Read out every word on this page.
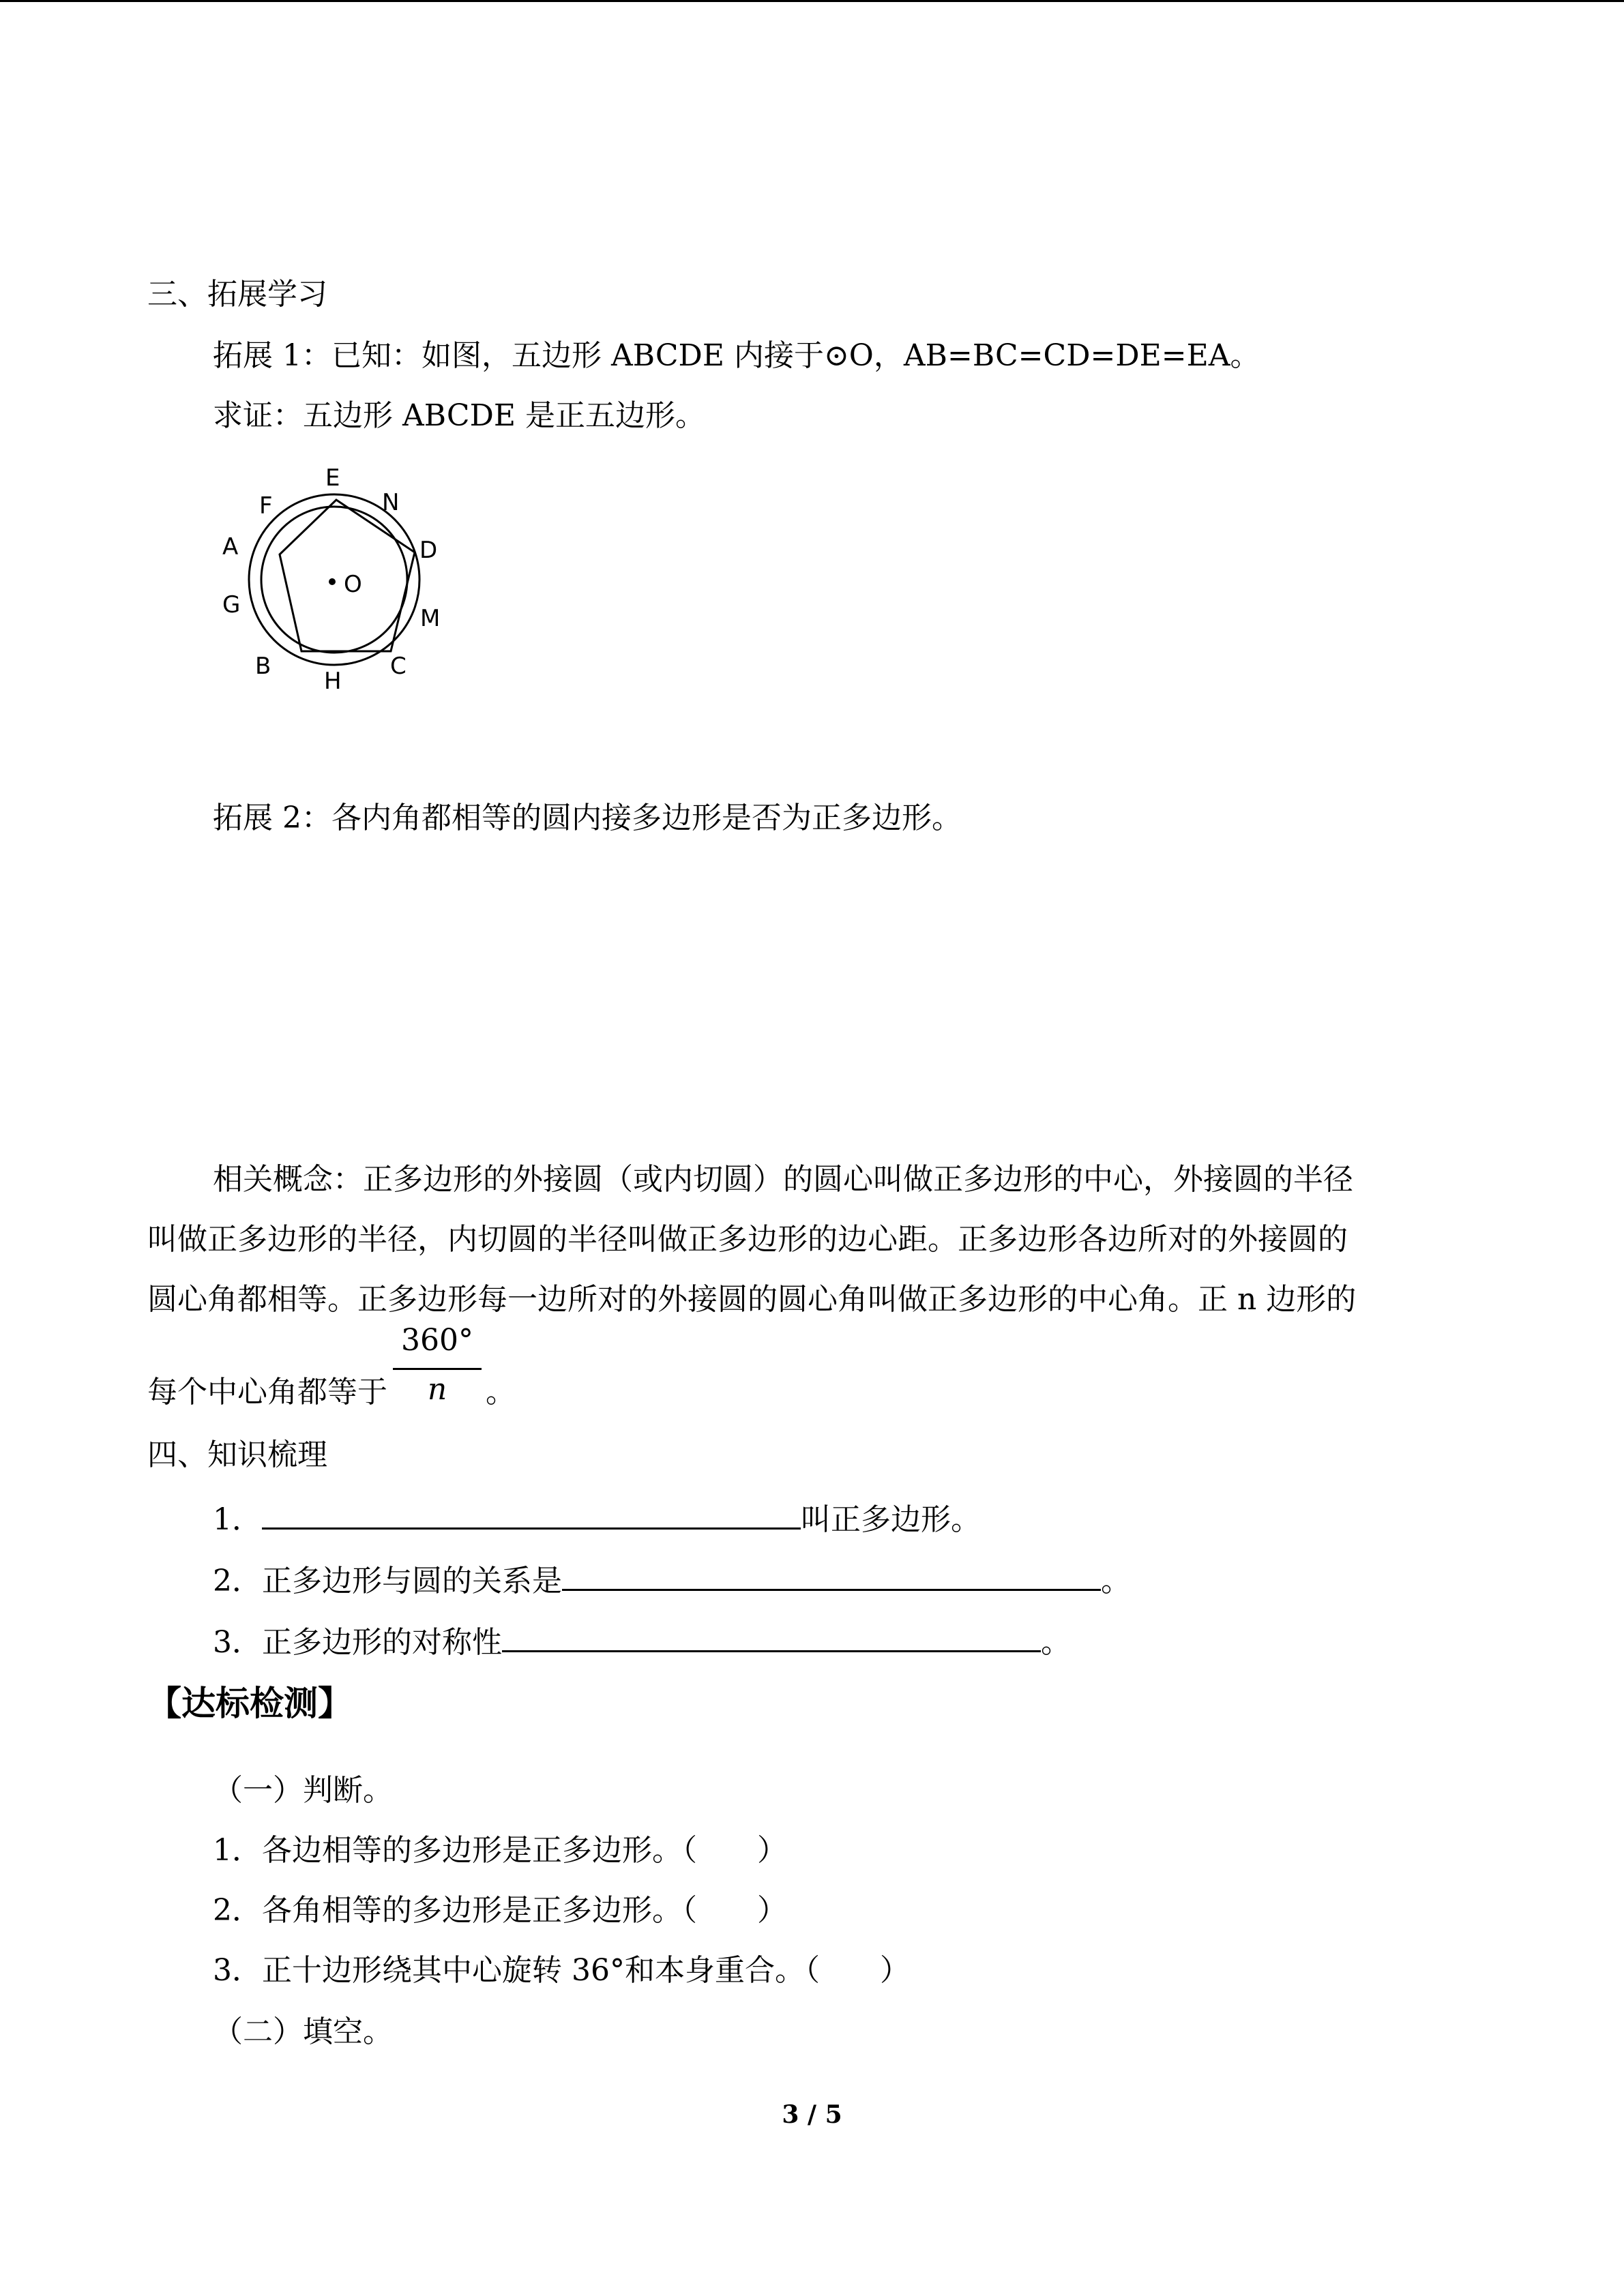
三、拓展学习
拓展 1：已知：如图，五边形 ABCDE 内接于⊙O，AB=BC=CD=DE=EA。
求证：五边形 ABCDE 是正五边形。
E
F	N
A	D
O
G	M
B	C
H
拓展 2：各内角都相等的圆内接多边形是否为正多边形。
相关概念：正多边形的外接圆（或内切圆）的圆心叫做正多边形的中心，外接圆的半径
叫做正多边形的半径，内切圆的半径叫做正多边形的边心距。正多边形各边所对的外接圆的
圆心角都相等。正多边形每一边所对的外接圆的圆心角叫做正多边形的中心角。正 n 边形的
每个中心角都等于
360°
n	。
四、知识梳理
1．	叫正多边形。
2．正多边形与圆的关系是	。
3．正多边形的对称性	。
【达标检测】
（一）判断。
1．各边相等的多边形是正多边形。（　　）
2．各角相等的多边形是正多边形。（　　）
3．正十边形绕其中心旋转 36°和本身重合。（　　）
（二）填空。
3 / 5
